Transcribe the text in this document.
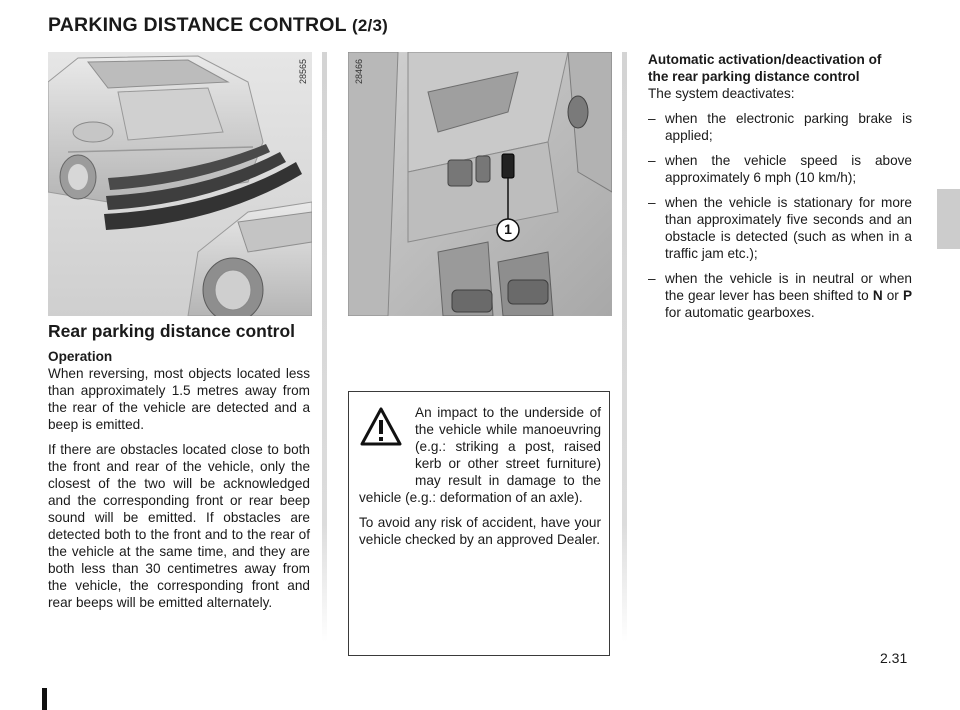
PARKING DISTANCE CONTROL (2/3)
28565
1
28466
Rear parking distance control

Operation
When reversing, most objects located less than approximately 1.5 metres away from the rear of the vehicle are detected and a beep is emitted.

If there are obstacles located close to both the front and rear of the vehicle, only the closest of the two will be acknowledged and the corresponding front or rear beep sound will be emitted. If obstacles are detected both to the front and to the rear of the vehicle at the same time, and they are both less than 30 centimetres away from the vehicle, the corresponding front and rear beeps will be emitted alternately.

An impact to the underside of the vehicle while manoeuvring (e.g.: striking a post, raised kerb or other street furniture) may result in damage to the vehicle (e.g.: deformation of an axle).

To avoid any risk of accident, have your vehicle checked by an approved Dealer.

Automatic activation/deactivation of
the rear parking distance control
The system deactivates:
– when the electronic parking brake is applied;
– when the vehicle speed is above approximately 6 mph (10 km/h);
– when the vehicle is stationary for more than approximately five seconds and an obstacle is detected (such as when in a traffic jam etc.);
– when the vehicle is in neutral or when the gear lever has been shifted to N or P for automatic gearboxes.
2.31
